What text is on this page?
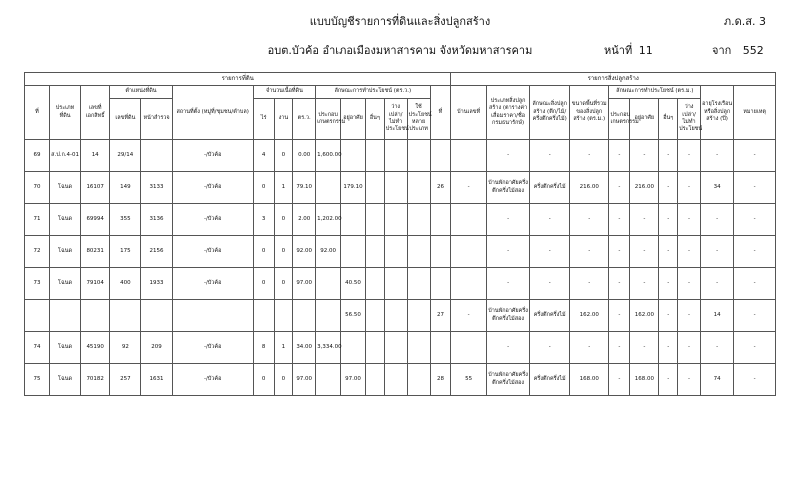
แบบบัญชีรายการที่ดินและสิ่งปลูกสร้าง	ภ.ด.ส. 3
อบต.บัวค้อ อำเภอเมืองมหาสารคาม จังหวัดมหาสารคาม	หน้าที่ 11	จาก 552
รายการที่ดิน															รายการสิ่งปลูกสร้าง									
ที่	ประเภทที่ดิน	เลขที่เอกสิทธิ์	ตำแหน่งที่ดิน		สถานที่ตั้ง (หมู่ที่/ชุมชน/ตำบล)	จำนวนเนื้อที่ดิน			ลักษณะการทำประโยชน์ (ตร.ว.)					ที่	บ้านเลขที่	ประเภทสิ่งปลูกสร้าง (ตารางค่าเสื่อมราคา/ชื่อกรมธนารักษ์)	ลักษณะสิ่งปลูกสร้าง (ตึก/ไม้/ครึ่งตึกครึ่งไม้)	ขนาดพื้นที่รวมของสิ่งปลูกสร้าง (ตร.ม.)	ลักษณะการทำประโยชน์ (ตร.ม.)				อายุโรงเรือนหรือสิ่งปลูกสร้าง (ปี)	หมายเหตุ
			เลขที่ดิน	หน้าสำรวจ		ไร่	งาน	ตร.ว.	ประกอบเกษตรกรรม	อยู่อาศัย	อื่นๆ	ว่างเปล่า/ไม่ทำประโยชน์	ใช้ประโยชน์หลายประเภท						ประกอบเกษตรกรรม	อยู่อาศัย	อื่นๆ	ว่างเปล่า/ไม่ทำประโยชน์		
69	ส.ป.ก.4-01	14	29/14		-/บัวค้อ	4	0	0.00	1,600.00							-	-	-	-	-	-	-	-	-
70	โฉนด	16107	149	3133	-/บัวค้อ	0	1	79.10		179.10				26	-	บ้านพักอาศัยครึ่งตึกครึ่งไม้สอง	ครึ่งตึกครึ่งไม้	216.00	-	216.00	-	-	34	-
71	โฉนด	69994	355	3136	-/บัวค้อ	3	0	2.00	1,202.00							-	-	-	-	-	-	-	-	-
72	โฉนด	80231	175	2156	-/บัวค้อ	0	0	92.00	92.00							-	-	-	-	-	-	-	-	-
73	โฉนด	79104	400	1933	-/บัวค้อ	0	0	97.00		40.50						-	-	-	-	-	-	-	-	-
										56.50				27	-	บ้านพักอาศัยครึ่งตึกครึ่งไม้สอง	ครึ่งตึกครึ่งไม้	162.00	-	162.00	-	-	14	-
74	โฉนด	45190	92	209	-/บัวค้อ	8	1	34.00	3,334.00							-	-	-	-	-	-	-	-	-
75	โฉนด	70182	257	1631	-/บัวค้อ	0	0	97.00		97.00				28	55	บ้านพักอาศัยครึ่งตึกครึ่งไม้สอง	ครึ่งตึกครึ่งไม้	168.00	-	168.00	-	-	74	-
